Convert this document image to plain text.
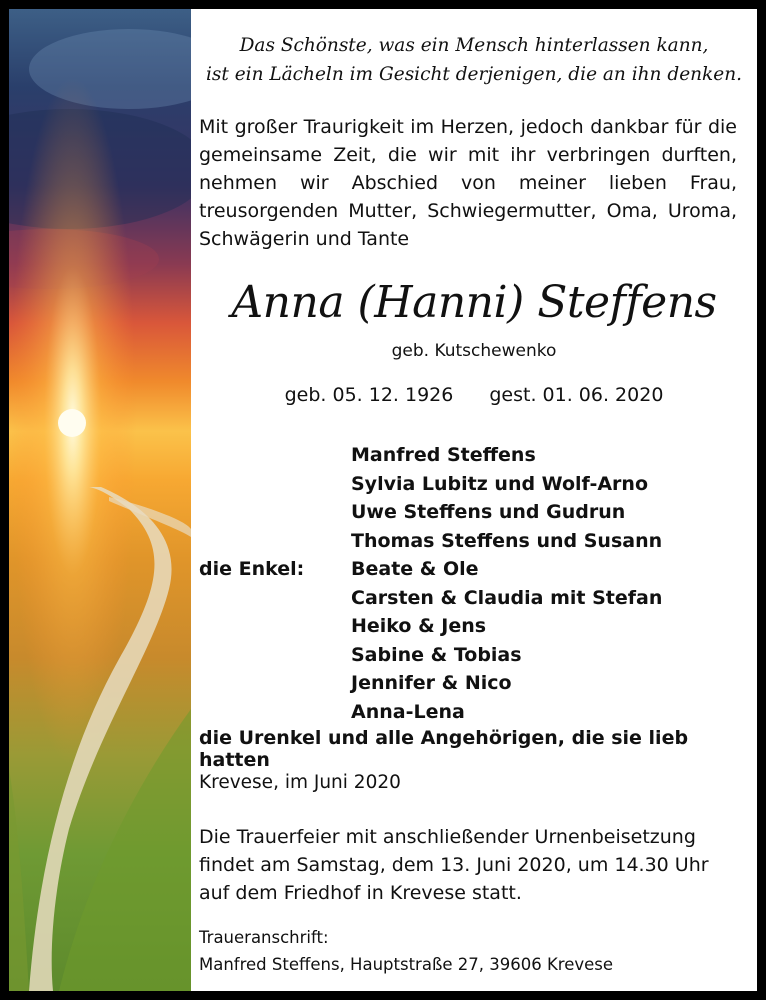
Das Schönste, was ein Mensch hinterlassen kann,
ist ein Lächeln im Gesicht derjenigen, die an ihn denken.
Mit großer Traurigkeit im Herzen, jedoch dankbar für die gemeinsame Zeit, die wir mit ihr verbringen durften, nehmen wir Abschied von meiner lieben Frau, treusorgenden Mutter, Schwiegermutter, Oma, Uroma, Schwägerin und Tante
Anna (Hanni) Steffens
geb. Kutschewenko
geb. 05. 12. 1926 gest. 01. 06. 2020
Manfred Steffens
Sylvia Lubitz und Wolf-Arno
Uwe Steffens und Gudrun
Thomas Steffens und Susann
die Enkel:	Beate & Ole
Carsten & Claudia mit Stefan
Heiko & Jens
Sabine & Tobias
Jennifer & Nico
Anna-Lena
die Urenkel und alle Angehörigen, die sie lieb hatten
Krevese, im Juni 2020
Die Trauerfeier mit anschließender Urnenbeisetzung findet am Samstag, dem 13. Juni 2020, um 14.30 Uhr auf dem Friedhof in Krevese statt.
Traueranschrift:
Manfred Steffens, Hauptstraße 27, 39606 Krevese
